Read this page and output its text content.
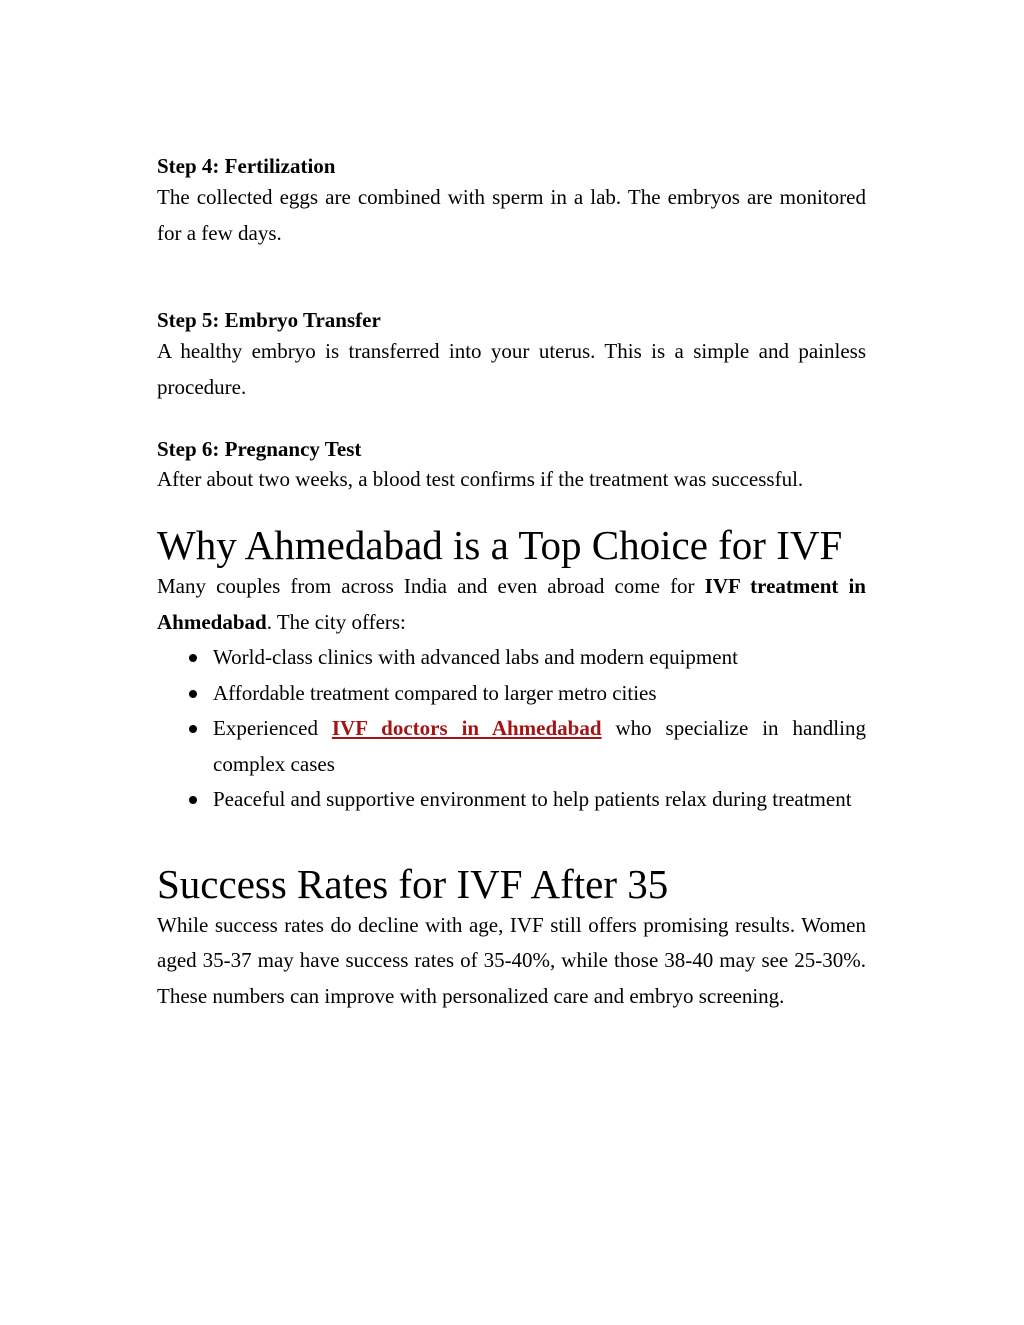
Step 4: Fertilization

The collected eggs are combined with sperm in a lab. The embryos are monitored for a few days.

Step 5: Embryo Transfer

A healthy embryo is transferred into your uterus. This is a simple and painless procedure.

Step 6: Pregnancy Test

After about two weeks, a blood test confirms if the treatment was successful.

Why Ahmedabad is a Top Choice for IVF

Many couples from across India and even abroad come for IVF treatment in Ahmedabad. The city offers:

World-class clinics with advanced labs and modern equipment
Affordable treatment compared to larger metro cities
Experienced IVF doctors in Ahmedabad who specialize in handling complex cases
Peaceful and supportive environment to help patients relax during treatment
Success Rates for IVF After 35

While success rates do decline with age, IVF still offers promising results. Women aged 35-37 may have success rates of 35-40%, while those 38-40 may see 25-30%. These numbers can improve with personalized care and embryo screening.
